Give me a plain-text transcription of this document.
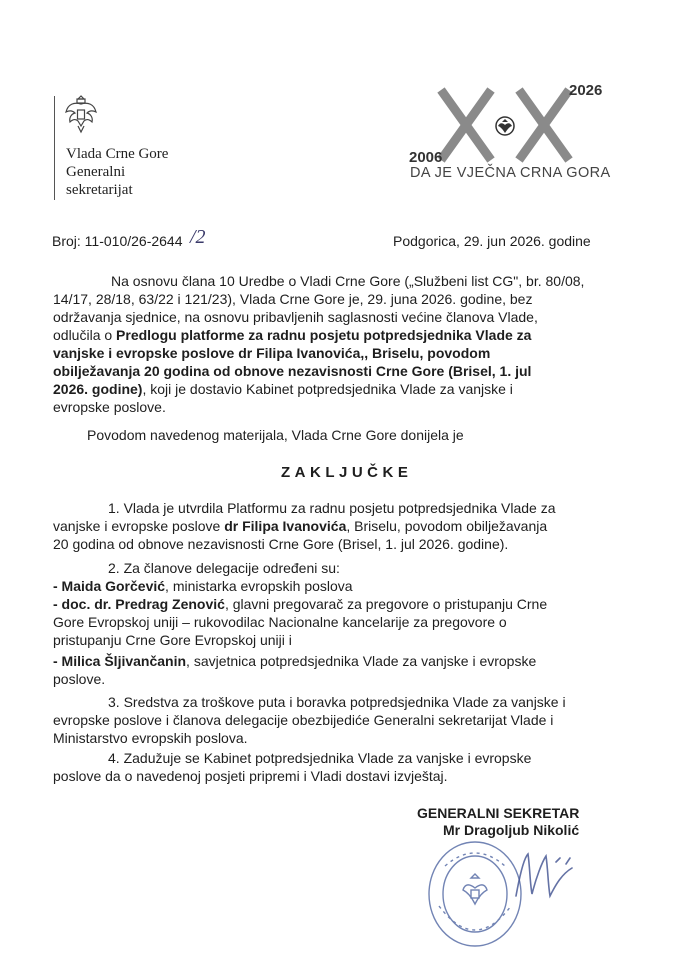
Vlada Crne Gore
Generalni
sekretarijat
2026
2006
DA JE VJEČNA CRNA GORA
Broj: 11-010/26-2644 /2	Podgorica, 29. jun 2026. godine
Na osnovu člana 10 Uredbe o Vladi Crne Gore („Službeni list CG", br. 80/08,
14/17, 28/18, 63/22 i 121/23), Vlada Crne Gore je, 29. juna 2026. godine, bez
održavanja sjednice, na osnovu pribavljenih saglasnosti većine članova Vlade,
odlučila o Predlogu platforme za radnu posjetu potpredsjednika Vlade za
vanjske i evropske poslove dr Filipa Ivanovića,, Briselu, povodom
obilježavanja 20 godina od obnove nezavisnosti Crne Gore (Brisel, 1. jul
2026. godine), koji je dostavio Kabinet potpredsjednika Vlade za vanjske i
evropske poslove.
Povodom navedenog materijala, Vlada Crne Gore donijela je
ZAKLJUČKE
1. Vlada je utvrdila Platformu za radnu posjetu potpredsjednika Vlade za
vanjske i evropske poslove dr Filipa Ivanovića, Briselu, povodom obilježavanja
20 godina od obnove nezavisnosti Crne Gore (Brisel, 1. jul 2026. godine).
2. Za članove delegacije određeni su:
- Maida Gorčević, ministarka evropskih poslova
- doc. dr. Predrag Zenović, glavni pregovarač za pregovore o pristupanju Crne
Gore Evropskoj uniji – rukovodilac Nacionalne kancelarije za pregovore o
pristupanju Crne Gore Evropskoj uniji i
- Milica Šljivančanin, savjetnica potpredsjednika Vlade za vanjske i evropske
poslove.
3. Sredstva za troškove puta i boravka potpredsjednika Vlade za vanjske i
evropske poslove i članova delegacije obezbijediće Generalni sekretarijat Vlade i
Ministarstvo evropskih poslova.
4. Zadužuje se Kabinet potpredsjednika Vlade za vanjske i evropske
poslove da o navedenoj posjeti pripremi i Vladi dostavi izvještaj.
GENERALNI SEKRETAR
Mr Dragoljub Nikolić
